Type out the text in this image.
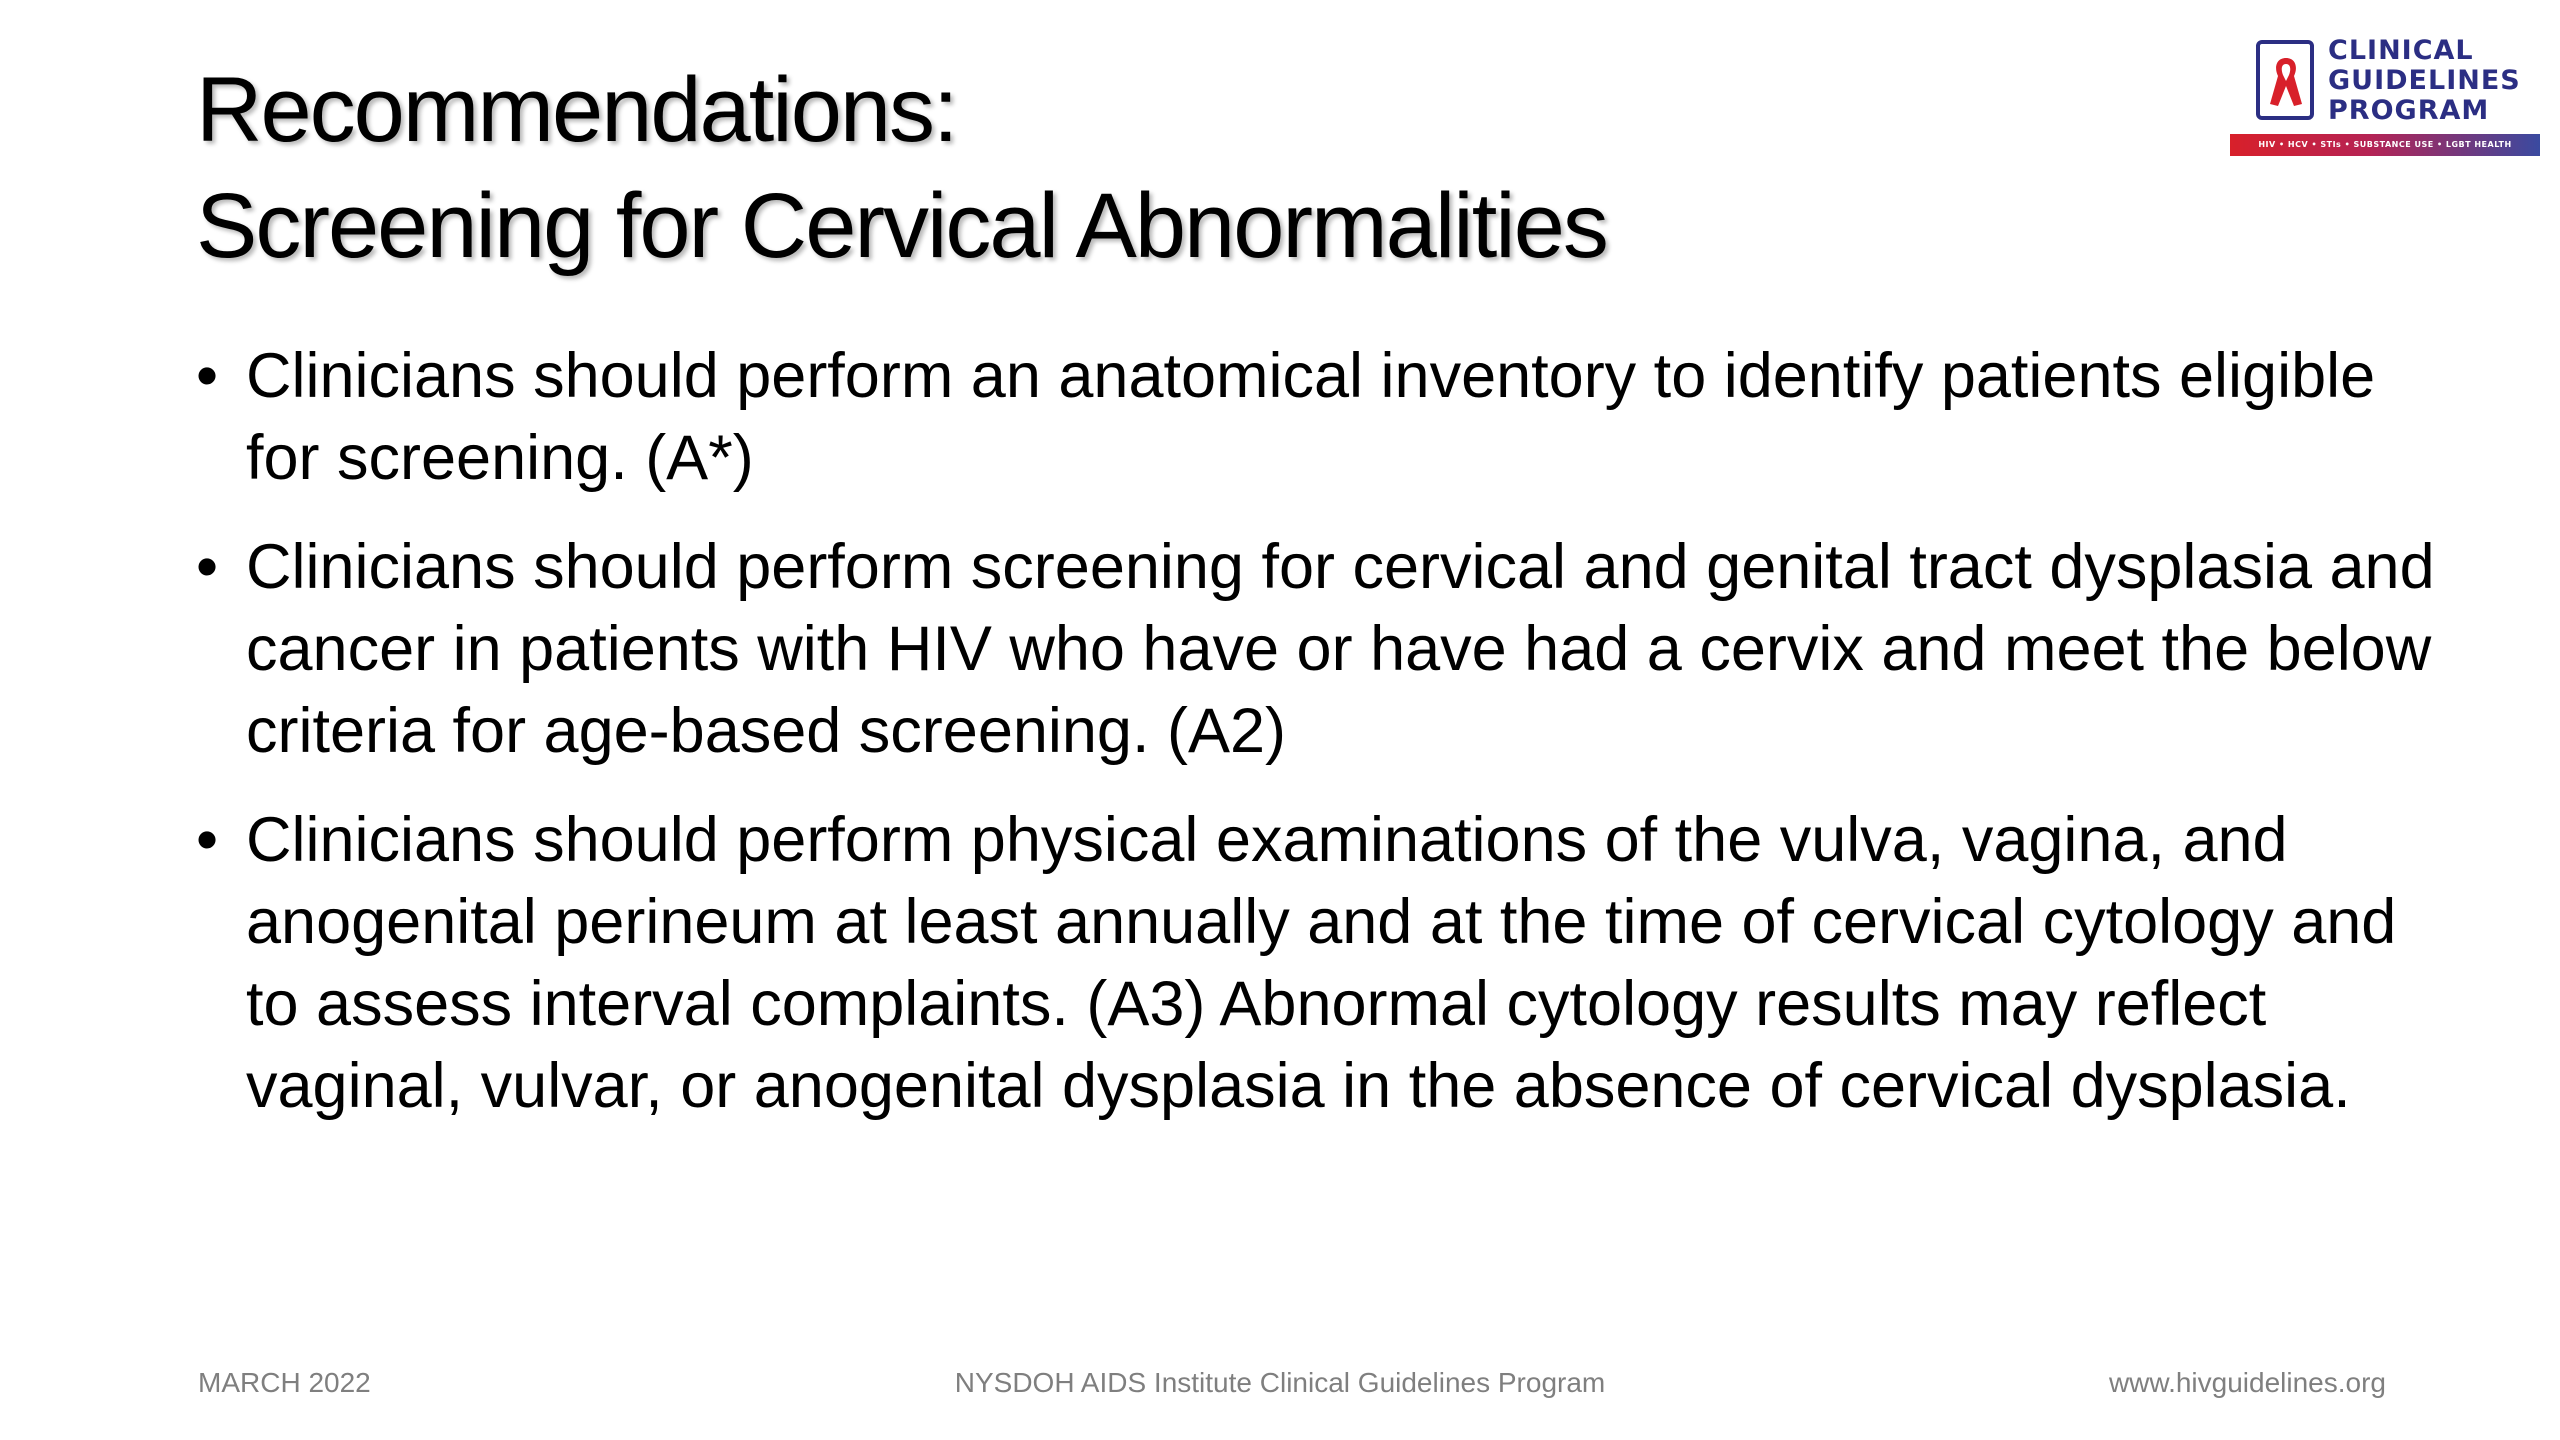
Recommendations:
Screening for Cervical Abnormalities
CLINICAL
GUIDELINES
PROGRAM
HIV • HCV • STIs • SUBSTANCE USE • LGBT HEALTH
• Clinicians should perform an anatomical inventory to identify patients eligible for screening. (A*)
• Clinicians should perform screening for cervical and genital tract dysplasia and cancer in patients with HIV who have or have had a cervix and meet the below criteria for age-based screening. (A2)
• Clinicians should perform physical examinations of the vulva, vagina, and anogenital perineum at least annually and at the time of cervical cytology and to assess interval complaints. (A3) Abnormal cytology results may reflect vaginal, vulvar, or anogenital dysplasia in the absence of cervical dysplasia.
MARCH 2022	NYSDOH AIDS Institute Clinical Guidelines Program	www.hivguidelines.org
